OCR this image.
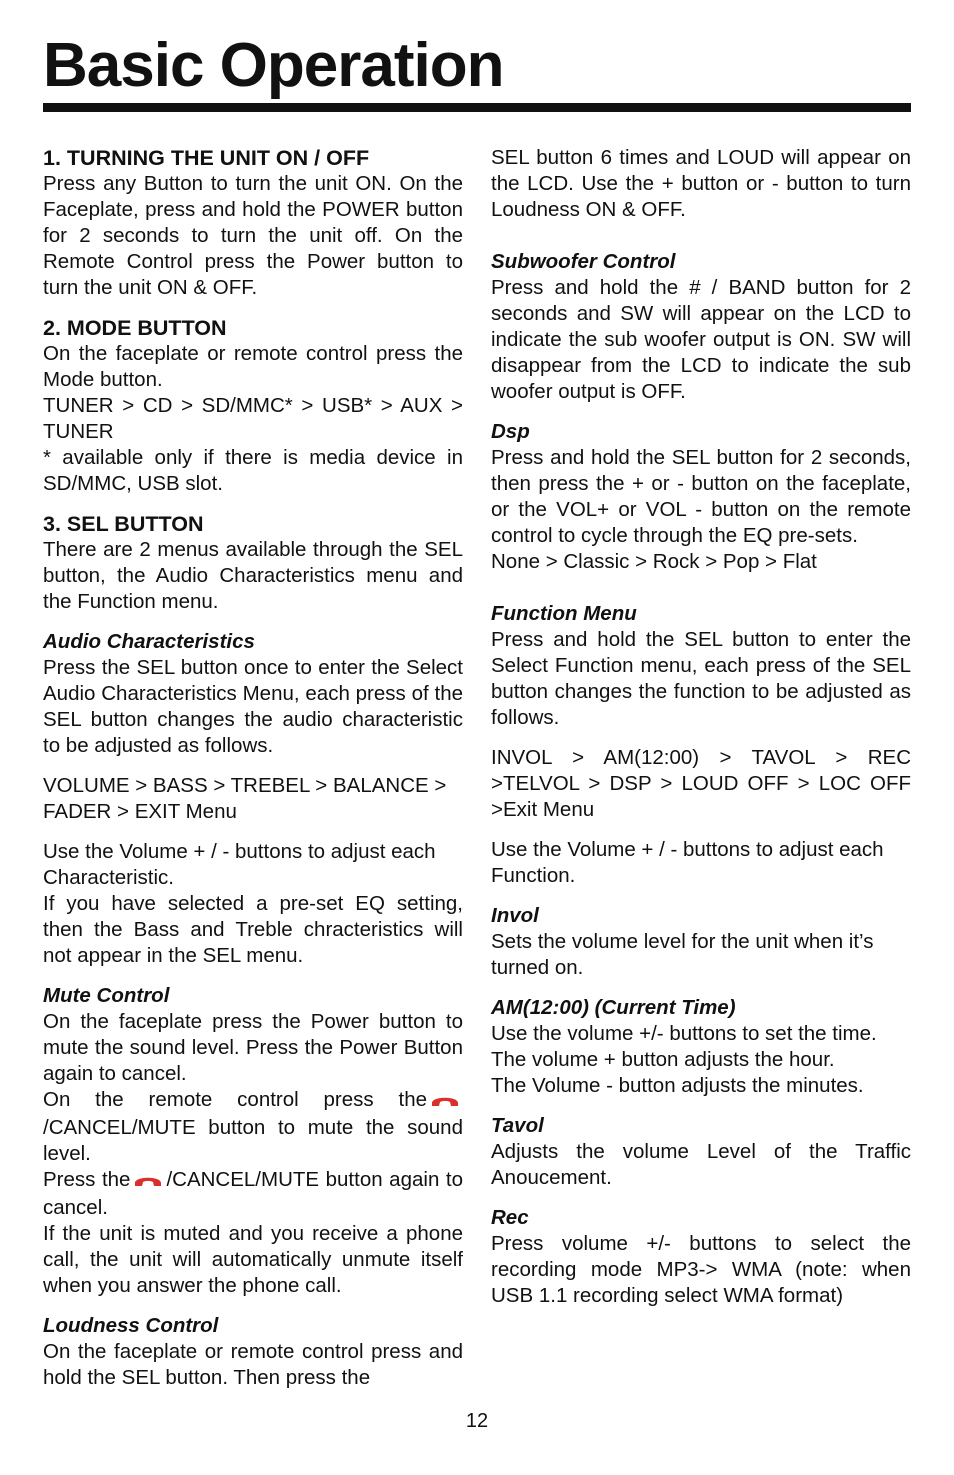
Basic Operation

1. TURNING THE UNIT ON / OFF

Press any Button to turn the unit ON. On the Faceplate, press and hold the POWER button for 2 seconds to turn the unit off. On the Remote Control press the Power button to turn the unit ON & OFF.

2. MODE BUTTON

On the faceplate or remote control press the Mode button.

TUNER > CD > SD/MMC* > USB* > AUX > TUNER

* available only if there is media device in SD/MMC, USB slot.

3. SEL BUTTON

There are 2 menus available through the SEL button, the Audio Characteristics menu and the Function menu.

Audio Characteristics

Press the SEL button once to enter the Select Audio Characteristics Menu, each press of the SEL button changes the audio characteristic to be adjusted as follows.

VOLUME > BASS > TREBEL > BALANCE > FADER > EXIT Menu

Use the Volume + / - buttons to adjust each Characteristic.

If you have selected a pre-set EQ setting, then the Bass and Treble chracteristics will not appear in the SEL menu.

Mute Control

On the faceplate press the Power button to mute the sound level. Press the Power Button again to cancel.

On the remote control press the/CANCEL/MUTE button to mute the sound level.

Press the /CANCEL/MUTE button again to cancel.

If the unit is muted and you receive a phone call, the unit will automatically unmute itself when you answer the phone call.

Loudness Control

On the faceplate or remote control press and hold the SEL button. Then press the

SEL button 6 times and LOUD will appear on the LCD. Use the + button or - button to turn Loudness ON & OFF.

Subwoofer Control

Press and hold the # / BAND button for 2 seconds and SW will appear on the LCD to indicate the sub woofer output is ON. SW will disappear from the LCD to indicate the sub woofer output is OFF.

Dsp

Press and hold the SEL button for 2 seconds, then press the + or - button on the faceplate, or the VOL+ or VOL - button on the remote control to cycle through the EQ pre-sets.

None > Classic > Rock > Pop > Flat

Function Menu

Press and hold the SEL button to enter the Select Function menu, each press of the SEL button changes the function to be adjusted as follows.

INVOL > AM(12:00) > TAVOL > REC >TELVOL > DSP > LOUD OFF > LOC OFF >Exit Menu

Use the Volume + / - buttons to adjust each Function.

Invol

Sets the volume level for the unit when it’s turned on.

AM(12:00) (Current Time)

Use the volume +/- buttons to set the time.

The volume + button adjusts the hour.

The Volume - button adjusts the minutes.

Tavol

Adjusts the volume Level of the Traffic Anoucement.

Rec

Press volume +/- buttons to select the recording mode MP3-> WMA (note: when USB 1.1 recording select WMA format)

12
